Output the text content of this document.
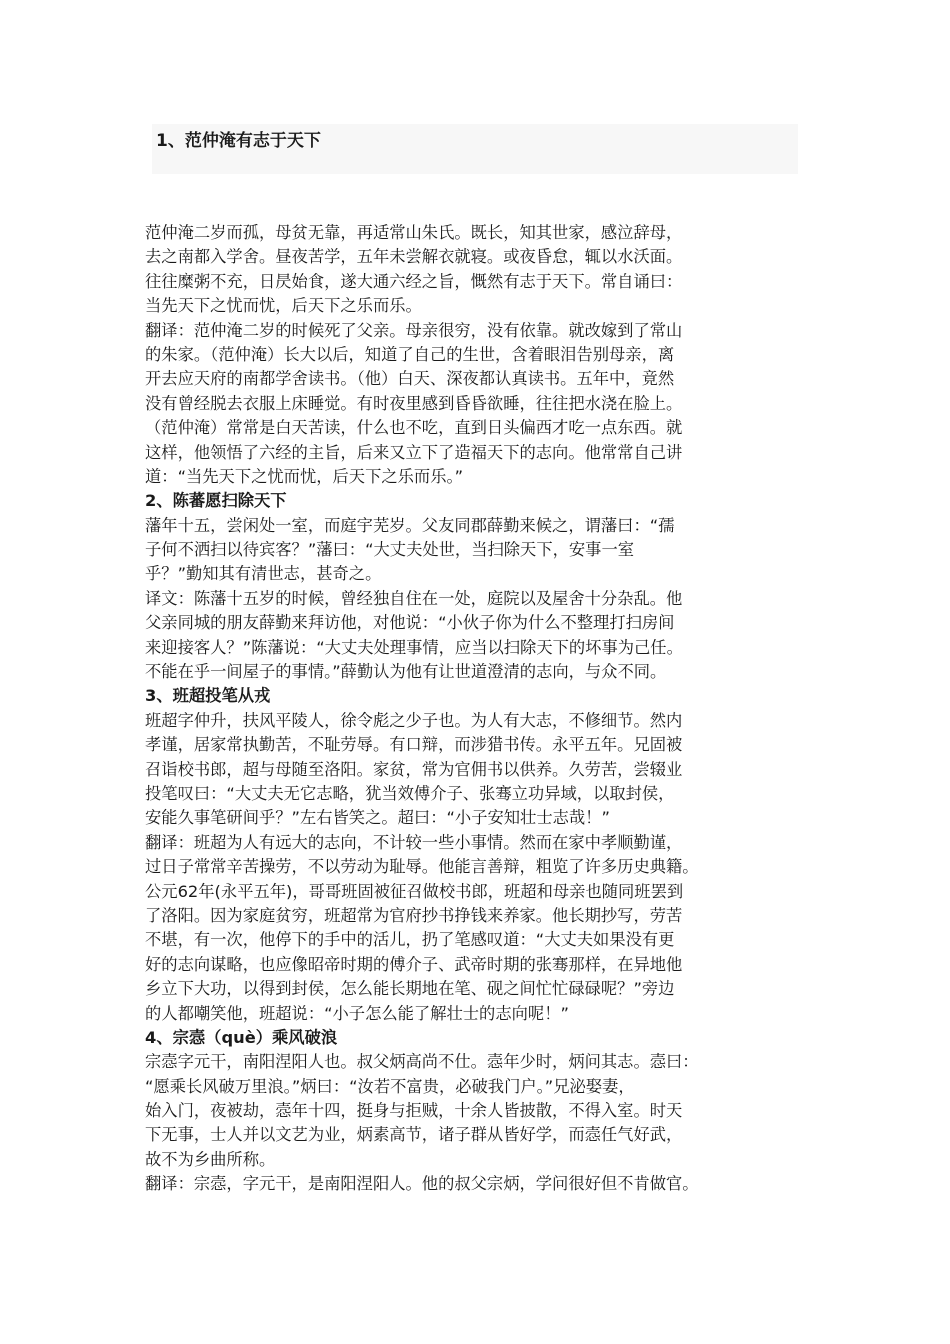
1、范仲淹有志于天下
范仲淹二岁而孤，母贫无靠，再适常山朱氏。既长，知其世家，感泣辞母，
去之南都入学舍。昼夜苦学，五年未尝解衣就寝。或夜昏怠，辄以水沃面。
往往糜粥不充，日昃始食，遂大通六经之旨，慨然有志于天下。常自诵曰：
当先天下之忧而忧，后天下之乐而乐。
翻译：范仲淹二岁的时候死了父亲。母亲很穷，没有依靠。就改嫁到了常山
的朱家。（范仲淹）长大以后，知道了自己的生世，含着眼泪告别母亲，离
开去应天府的南都学舍读书。（他）白天、深夜都认真读书。五年中，竟然
没有曾经脱去衣服上床睡觉。有时夜里感到昏昏欲睡，往往把水浇在脸上。
（范仲淹）常常是白天苦读，什么也不吃，直到日头偏西才吃一点东西。就
这样，他领悟了六经的主旨，后来又立下了造福天下的志向。他常常自己讲
道：“当先天下之忧而忧，后天下之乐而乐。”
2、陈蕃愿扫除天下
藩年十五，尝闲处一室，而庭宇芜岁。父友同郡薛勤来候之，谓藩曰：“孺
子何不洒扫以待宾客？”藩曰：“大丈夫处世，当扫除天下，安事一室
乎？”勤知其有清世志，甚奇之。
译文：陈藩十五岁的时候，曾经独自住在一处，庭院以及屋舍十分杂乱。他
父亲同城的朋友薛勤来拜访他，对他说：“小伙子你为什么不整理打扫房间
来迎接客人？”陈藩说：“大丈夫处理事情，应当以扫除天下的坏事为己任。
不能在乎一间屋子的事情。”薛勤认为他有让世道澄清的志向，与众不同。
3、班超投笔从戎
班超字仲升，扶风平陵人，徐令彪之少子也。为人有大志，不修细节。然内
孝谨，居家常执勤苦，不耻劳辱。有口辩，而涉猎书传。永平五年。兄固被
召诣校书郎，超与母随至洛阳。家贫，常为官佣书以供养。久劳苦，尝辍业
投笔叹曰：“大丈夫无它志略，犹当效傅介子、张骞立功异域，以取封侯，
安能久事笔研间乎？”左右皆笑之。超曰：“小子安知壮士志哉！”
翻译：班超为人有远大的志向，不计较一些小事情。然而在家中孝顺勤谨，
过日子常常辛苦操劳，不以劳动为耻辱。他能言善辩，粗览了许多历史典籍。
公元62年(永平五年)，哥哥班固被征召做校书郎，班超和母亲也随同班罢到
了洛阳。因为家庭贫穷，班超常为官府抄书挣钱来养家。他长期抄写，劳苦
不堪，有一次，他停下的手中的活儿，扔了笔感叹道：“大丈夫如果没有更
好的志向谋略，也应像昭帝时期的傅介子、武帝时期的张骞那样，在异地他
乡立下大功，以得到封侯，怎么能长期地在笔、砚之间忙忙碌碌呢？”旁边
的人都嘲笑他，班超说：“小子怎么能了解壮士的志向呢！”
4、宗悫（què）乘风破浪
宗悫字元干，南阳涅阳人也。叔父炳高尚不仕。悫年少时，炳问其志。悫曰：
“愿乘长风破万里浪。”炳曰：“汝若不富贵，必破我门户。”兄泌娶妻，
始入门，夜被劫，悫年十四，挺身与拒贼，十余人皆披散，不得入室。时天
下无事，士人并以文艺为业，炳素高节，诸子群从皆好学，而悫任气好武，
故不为乡曲所称。
翻译：宗悫，字元干，是南阳涅阳人。他的叔父宗炳，学问很好但不肯做官。
